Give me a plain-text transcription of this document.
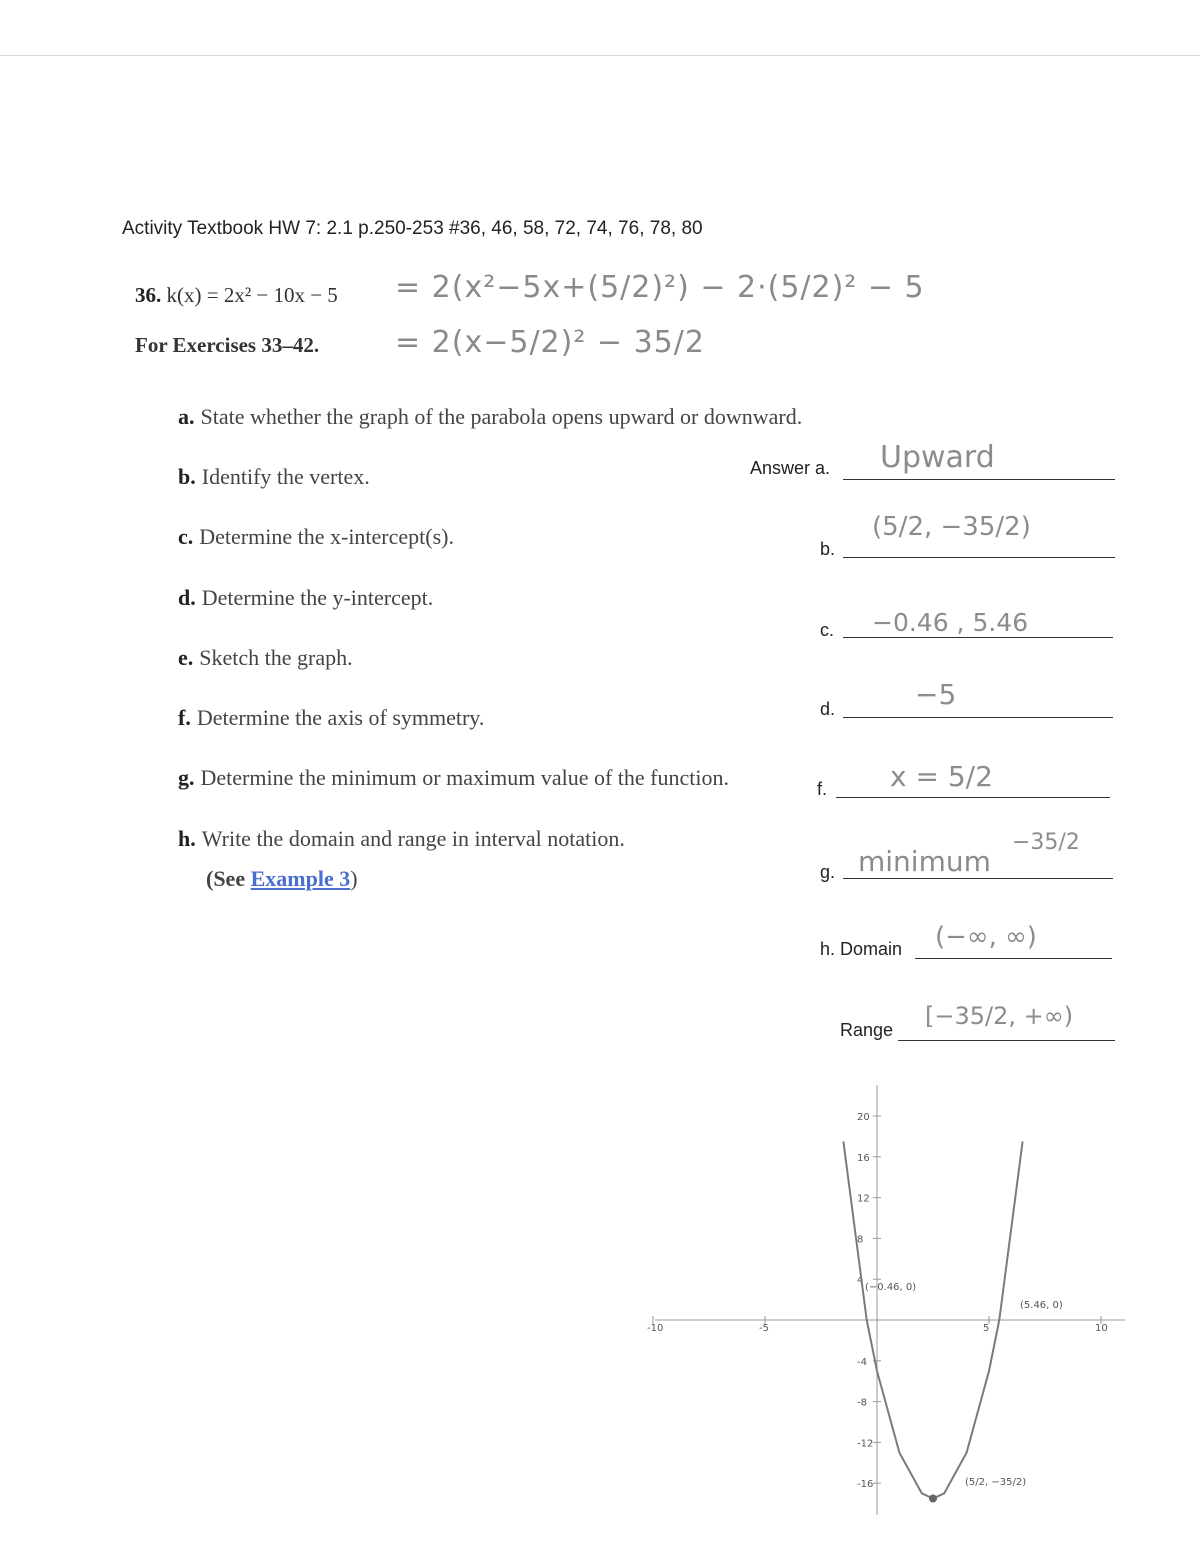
Activity Textbook HW 7: 2.1 p.250-253 #36, 46, 58, 72, 74, 76, 78, 80
36. k(x) = 2x² − 10x − 5 = 2(x²−5x+(5/2)²) − 2·(5/2)² − 5
For Exercises 33–42.	= 2(x−5/2)² − 35/2
a. State whether the graph of the parabola opens upward or downward.
b. Identify the vertex.
c. Determine the x-intercept(s).
d. Determine the y-intercept.
e. Sketch the graph.
f. Determine the axis of symmetry.
g. Determine the minimum or maximum value of the function.
h. Write the domain and range in interval notation.
(See Example 3)
Answer a. Upward
b.
(5/2, −35/2)
c. −0.46 , 5.46
d.	−5
f. x = 5/2
g. minimum
−35/2
h. Domain (−∞, ∞)
Range [−35/2, +∞)
-10	-5	5	10
20
16
12
8
4
-4
-8
-12
-16
(−0.46, 0)
(5.46, 0)
(5/2, −35/2)
